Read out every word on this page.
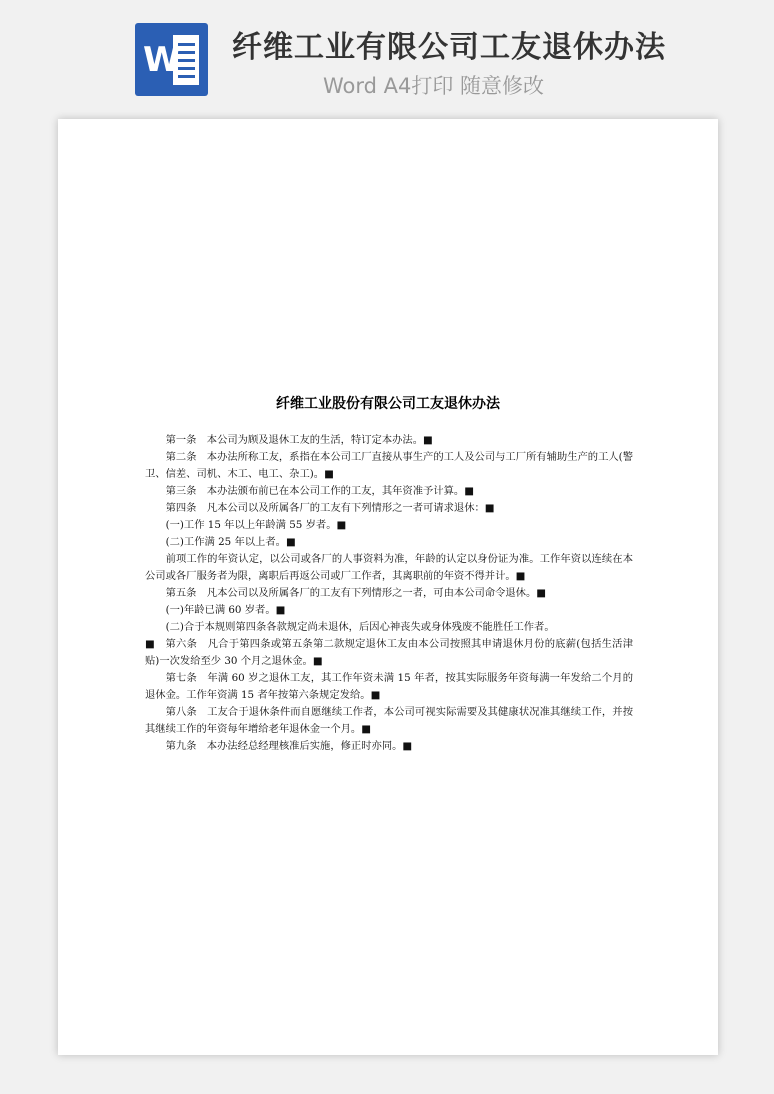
W 纤维工业有限公司工友退休办法
Word A4打印 随意修改
纤维工业股份有限公司工友退休办法

第一条　本公司为顾及退休工友的生活，特订定本办法。■

第二条　本办法所称工友，系指在本公司工厂直接从事生产的工人及公司与工厂所有辅助生产的工人(警卫、信差、司机、木工、电工、杂工)。■

第三条　本办法颁布前已在本公司工作的工友，其年资准予计算。■

第四条　凡本公司以及所属各厂的工友有下列情形之一者可请求退休：■

(一)工作 15 年以上年龄满 55 岁者。■

(二)工作满 25 年以上者。■

前项工作的年资认定，以公司或各厂的人事资料为准，年龄的认定以身份证为准。工作年资以连续在本公司或各厂服务者为限，离职后再返公司或厂工作者，其离职前的年资不得并计。■

第五条　凡本公司以及所属各厂的工友有下列情形之一者，可由本公司命令退休。■

(一)年龄已满 60 岁者。■

(二)合于本规则第四条各款规定尚未退休，后因心神丧失或身体残废不能胜任工作者。

■　第六条　凡合于第四条或第五条第二款规定退休工友由本公司按照其申请退休月份的底薪(包括生活津贴)一次发给至少 30 个月之退休金。■

第七条　年满 60 岁之退休工友，其工作年资未满 15 年者，按其实际服务年资每满一年发给二个月的退休金。工作年资满 15 者年按第六条规定发给。■

第八条　工友合于退休条件而自愿继续工作者，本公司可视实际需要及其健康状况准其继续工作，并按其继续工作的年资每年增给老年退休金一个月。■

第九条　本办法经总经理核准后实施，修正时亦同。■
